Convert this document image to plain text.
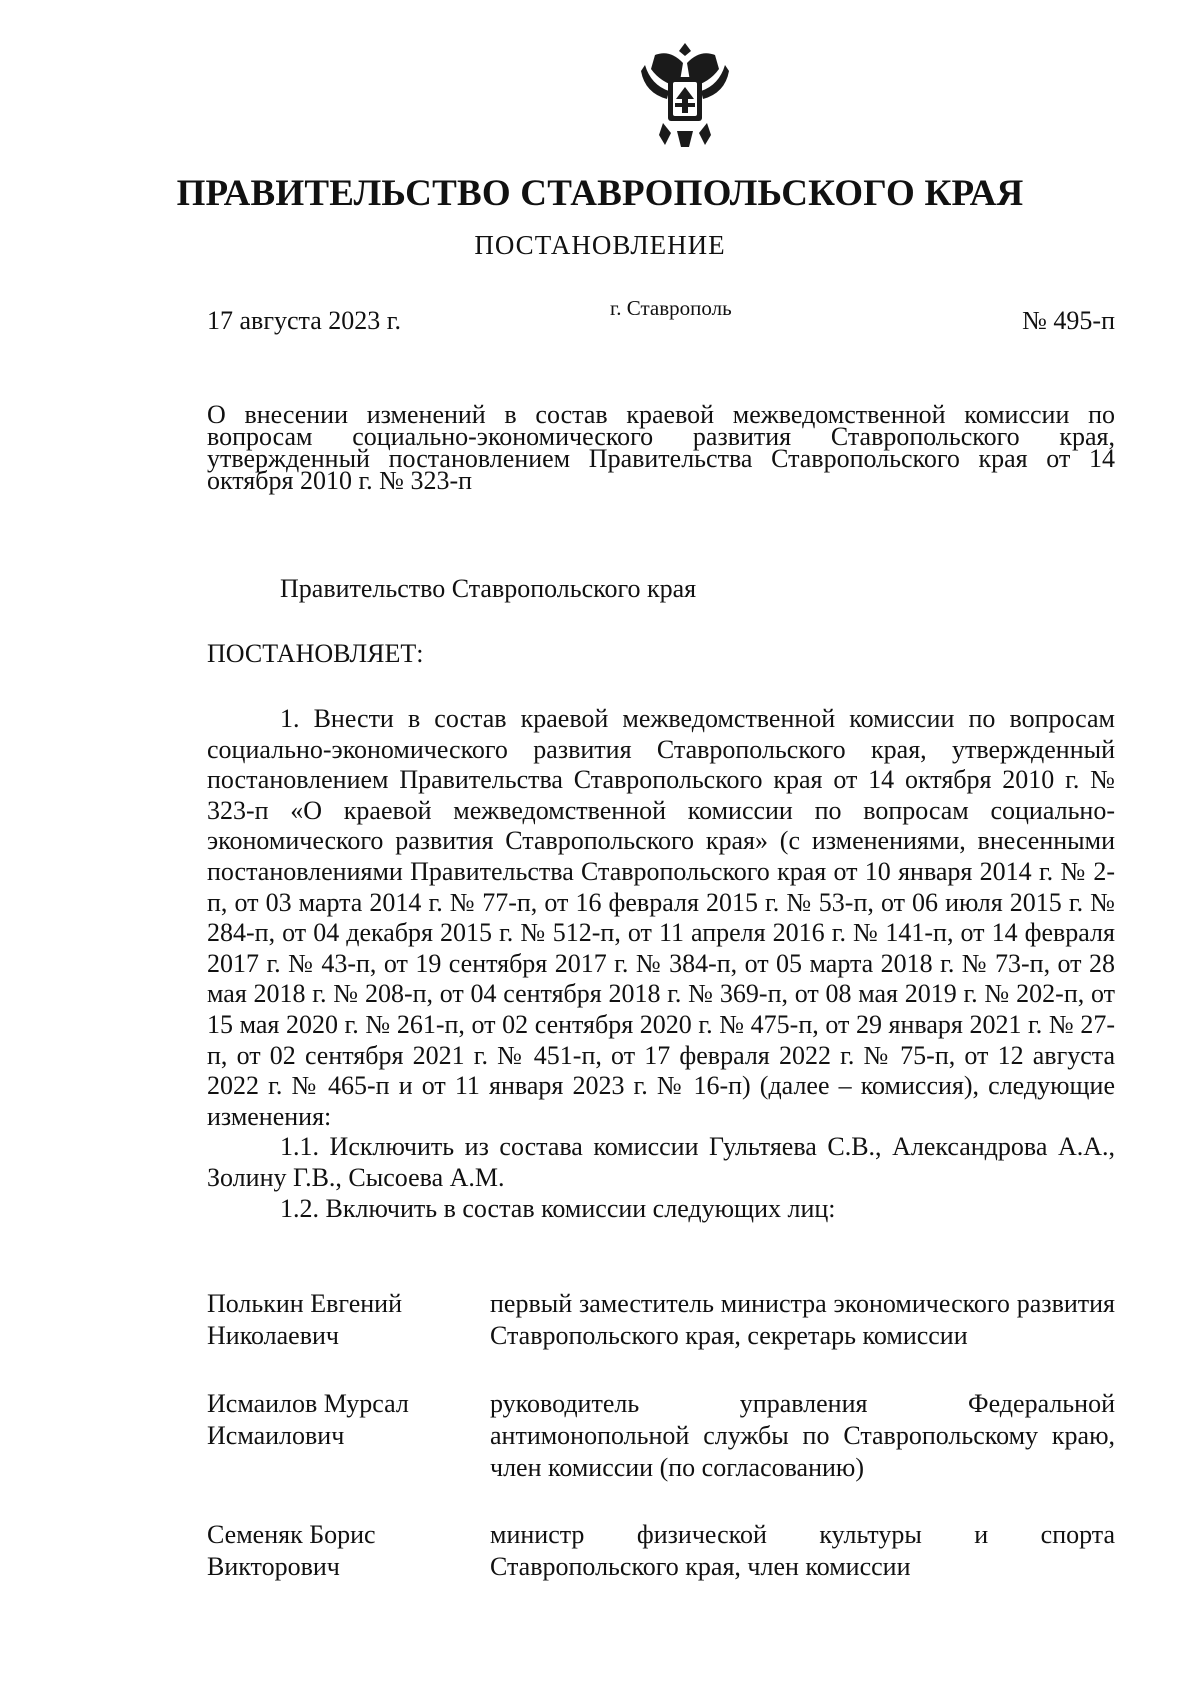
ПРАВИТЕЛЬСТВО СТАВРОПОЛЬСКОГО КРАЯ
ПОСТАНОВЛЕНИЕ
17 августа 2023 г.	г. Ставрополь	№ 495-п
О внесении изменений в состав краевой межведомственной комиссии по вопросам социально-экономического развития Ставропольского края, утвержденный постановлением Правительства Ставропольского края от 14 октября 2010 г. № 323-п
Правительство Ставропольского края
ПОСТАНОВЛЯЕТ:

1. Внести в состав краевой межведомственной комиссии по вопросам социально-экономического развития Ставропольского края, утвержденный постановлением Правительства Ставропольского края от 14 октября 2010 г. № 323-п «О краевой межведомственной комиссии по вопросам социально-экономического развития Ставропольского края» (с изменениями, внесенными постановлениями Правительства Ставропольского края от 10 января 2014 г. № 2-п, от 03 марта 2014 г. № 77-п, от 16 февраля 2015 г. № 53-п, от 06 июля 2015 г. № 284-п, от 04 декабря 2015 г. № 512-п, от 11 апреля 2016 г. № 141-п, от 14 февраля 2017 г. № 43-п, от 19 сентября 2017 г. № 384-п, от 05 марта 2018 г. № 73-п, от 28 мая 2018 г. № 208-п, от 04 сентября 2018 г. № 369-п, от 08 мая 2019 г. № 202-п, от 15 мая 2020 г. № 261-п, от 02 сентября 2020 г. № 475-п, от 29 января 2021 г. № 27-п, от 02 сентября 2021 г. № 451-п, от 17 февраля 2022 г. № 75-п, от 12 августа 2022 г. № 465-п и от 11 января 2023 г. № 16-п) (далее – комиссия), следующие изменения:

1.1. Исключить из состава комиссии Гультяева С.В., Александрова А.А., Золину Г.В., Сысоева А.М.

1.2. Включить в состав комиссии следующих лиц:

Полькин Евгений Николаевич
первый заместитель министра экономического развития Ставропольского края, секретарь комиссии
Исмаилов Мурсал Исмаилович
руководитель управления Федеральной антимонопольной службы по Ставропольскому краю, член комиссии (по согласованию)
Семеняк Борис Викторович
министр физической культуры и спорта Ставропольского края, член комиссии
